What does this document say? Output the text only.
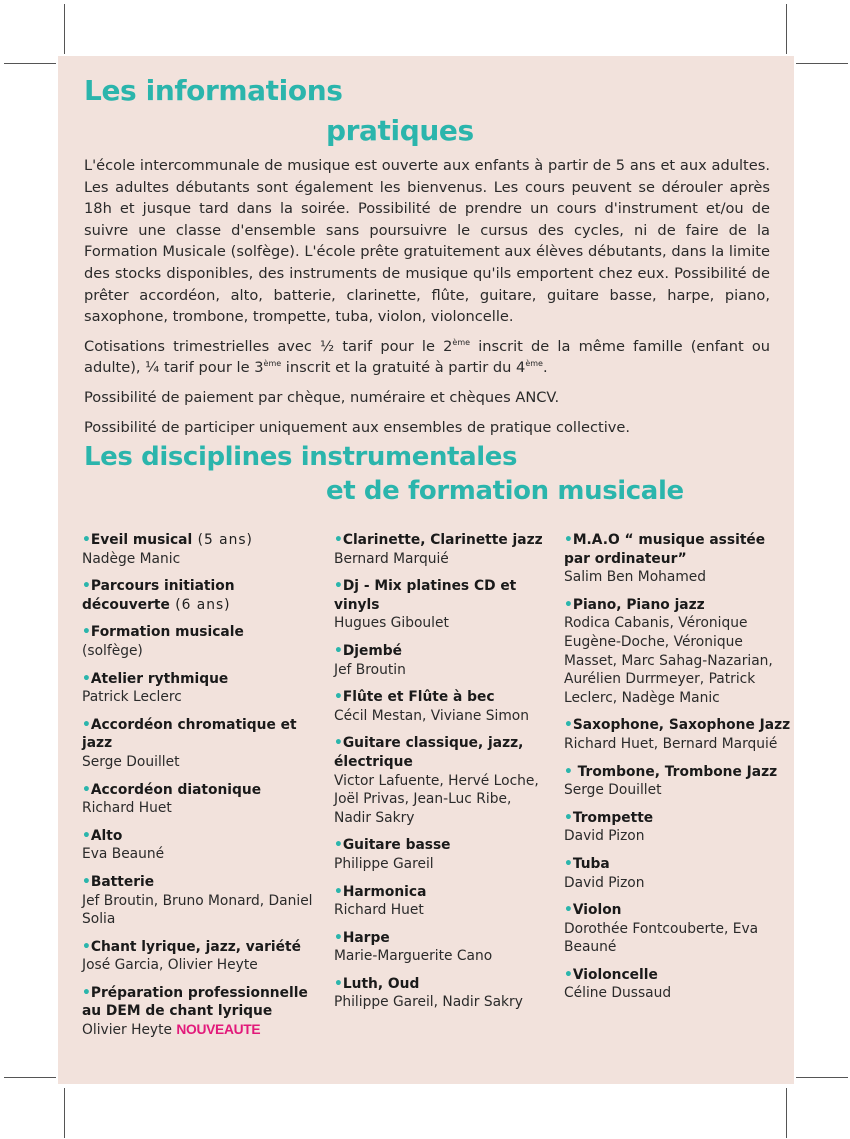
Les informations
pratiques

L'école intercommunale de musique est ouverte aux enfants à partir de 5 ans et aux adultes. Les adultes débutants sont également les bienvenus. Les cours peuvent se dérouler après 18h et jusque tard dans la soirée. Possibilité de prendre un cours d'instrument et/ou de suivre une classe d'ensemble sans poursuivre le cursus des cycles, ni de faire de la Formation Musicale (solfège). L'école prête gratuitement aux élèves débutants, dans la limite des stocks disponibles, des instruments de musique qu'ils emportent chez eux. Possibilité de prêter accordéon, alto, batterie, clarinette, flûte, guitare, guitare basse, harpe, piano, saxophone, trombone, trompette, tuba, violon, violoncelle.

Cotisations trimestrielles avec ½ tarif pour le 2ème inscrit de la même famille (enfant ou adulte), ¼ tarif pour le 3ème inscrit et la gratuité à partir du 4ème.

Possibilité de paiement par chèque, numéraire et chèques ANCV.

Possibilité de participer uniquement aux ensembles de pratique collective.

Les disciplines instrumentales
et de formation musicale
•Eveil musical (5 ans)
Nadège Manic
•Parcours initiation découverte (6 ans)
•Formation musicale
(solfège)
•Atelier rythmique
Patrick Leclerc
•Accordéon chromatique et jazz
Serge Douillet
•Accordéon diatonique
Richard Huet
•Alto
Eva Beauné
•Batterie
Jef Broutin, Bruno Monard, Daniel Solia
•Chant lyrique, jazz, variété
José Garcia, Olivier Heyte
•Préparation professionnelle au DEM de chant lyrique
Olivier Heyte NOUVEAUTE
•Clarinette, Clarinette jazz
Bernard Marquié
•Dj - Mix platines CD et vinyls
Hugues Giboulet
•Djembé
Jef Broutin
•Flûte et Flûte à bec
Cécil Mestan, Viviane Simon
•Guitare classique, jazz, électrique
Victor Lafuente, Hervé Loche, Joël Privas, Jean-Luc Ribe, Nadir Sakry
•Guitare basse
Philippe Gareil
•Harmonica
Richard Huet
•Harpe
Marie-Marguerite Cano
•Luth, Oud
Philippe Gareil, Nadir Sakry
•M.A.O “ musique assitée par ordinateur”
Salim Ben Mohamed
•Piano, Piano jazz
Rodica Cabanis, Véronique Eugène-Doche, Véronique Masset, Marc Sahag-Nazarian, Aurélien Durrmeyer, Patrick Leclerc, Nadège Manic
•Saxophone, Saxophone Jazz
Richard Huet, Bernard Marquié
• Trombone, Trombone Jazz
Serge Douillet
•Trompette
David Pizon
•Tuba
David Pizon
•Violon
Dorothée Fontcouberte, Eva Beauné
•Violoncelle
Céline Dussaud
